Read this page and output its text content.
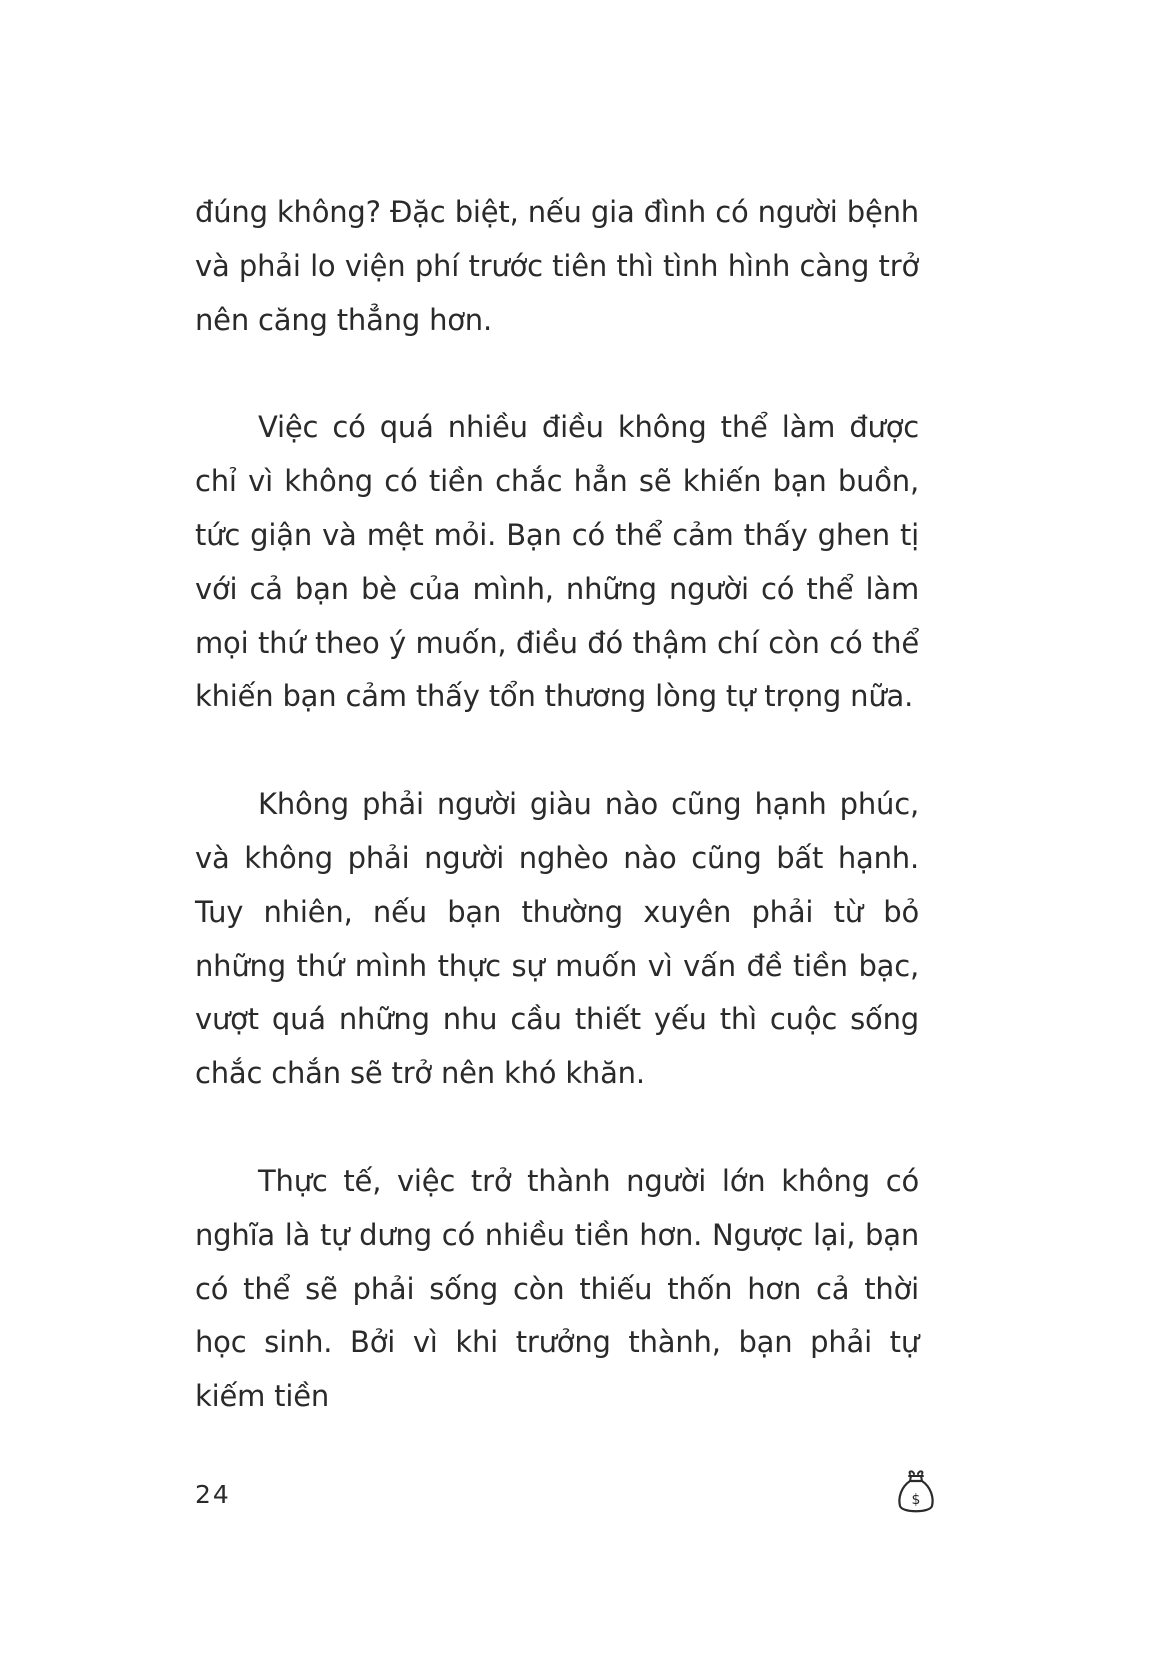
đúng không? Đặc biệt, nếu gia đình có người bệnh và phải lo viện phí trước tiên thì tình hình càng trở nên căng thẳng hơn.

Việc có quá nhiều điều không thể làm được chỉ vì không có tiền chắc hẳn sẽ khiến bạn buồn, tức giận và mệt mỏi. Bạn có thể cảm thấy ghen tị với cả bạn bè của mình, những người có thể làm mọi thứ theo ý muốn, điều đó thậm chí còn có thể khiến bạn cảm thấy tổn thương lòng tự trọng nữa.

Không phải người giàu nào cũng hạnh phúc, và không phải người nghèo nào cũng bất hạnh. Tuy nhiên, nếu bạn thường xuyên phải từ bỏ những thứ mình thực sự muốn vì vấn đề tiền bạc, vượt quá những nhu cầu thiết yếu thì cuộc sống chắc chắn sẽ trở nên khó khăn.

Thực tế, việc trở thành người lớn không có nghĩa là tự dưng có nhiều tiền hơn. Ngược lại, bạn có thể sẽ phải sống còn thiếu thốn hơn cả thời học sinh. Bởi vì khi trưởng thành, bạn phải tự kiếm tiền

24	$
